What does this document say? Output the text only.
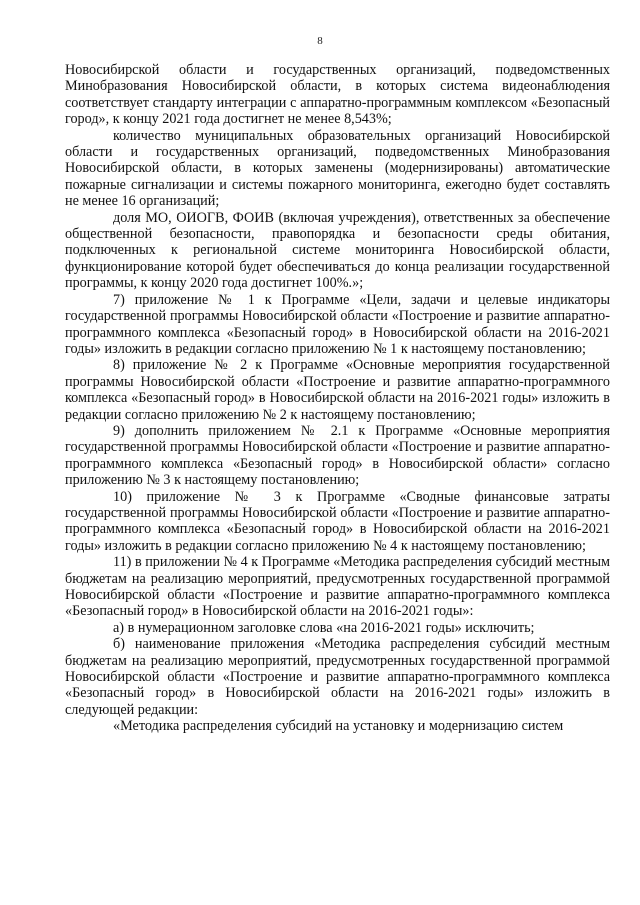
8

Новосибирской области и государственных организаций, подведомственных Минобразования Новосибирской области, в которых система видеонаблюдения соответствует стандарту интеграции с аппаратно-программным комплексом «Безопасный город», к концу 2021 года достигнет не менее 8,543%;

количество муниципальных образовательных организаций Новосибирской области и государственных организаций, подведомственных Минобразования Новосибирской области, в которых заменены (модернизированы) автоматические пожарные сигнализации и системы пожарного мониторинга, ежегодно будет составлять не менее 16 организаций;

доля МО, ОИОГВ, ФОИВ (включая учреждения), ответственных за обеспечение общественной безопасности, правопорядка и безопасности среды обитания, подключенных к региональной системе мониторинга Новосибирской области, функционирование которой будет обеспечиваться до конца реализации государственной программы, к концу 2020 года достигнет 100%.»;

7) приложение № 1 к Программе «Цели, задачи и целевые индикаторы государственной программы Новосибирской области «Построение и развитие аппаратно-программного комплекса «Безопасный город» в Новосибирской области на 2016-2021 годы» изложить в редакции согласно приложению № 1 к настоящему постановлению;

8) приложение № 2 к Программе «Основные мероприятия государственной программы Новосибирской области «Построение и развитие аппаратно-программного комплекса «Безопасный город» в Новосибирской области на 2016-2021 годы» изложить в редакции согласно приложению № 2 к настоящему постановлению;

9) дополнить приложением № 2.1 к Программе «Основные мероприятия государственной программы Новосибирской области «Построение и развитие аппаратно-программного комплекса «Безопасный город» в Новосибирской области» согласно приложению № 3 к настоящему постановлению;

10) приложение № 3 к Программе «Сводные финансовые затраты государственной программы Новосибирской области «Построение и развитие аппаратно-программного комплекса «Безопасный город» в Новосибирской области на 2016-2021 годы» изложить в редакции согласно приложению № 4 к настоящему постановлению;

11) в приложении № 4 к Программе «Методика распределения субсидий местным бюджетам на реализацию мероприятий, предусмотренных государственной программой Новосибирской области «Построение и развитие аппаратно-программного комплекса «Безопасный город» в Новосибирской области на 2016-2021 годы»:

а) в нумерационном заголовке слова «на 2016-2021 годы» исключить;

б) наименование приложения «Методика распределения субсидий местным бюджетам на реализацию мероприятий, предусмотренных государственной программой Новосибирской области «Построение и развитие аппаратно-программного комплекса «Безопасный город» в Новосибирской области на 2016-2021 годы» изложить в следующей редакции:

«Методика распределения субсидий на установку и модернизацию систем
